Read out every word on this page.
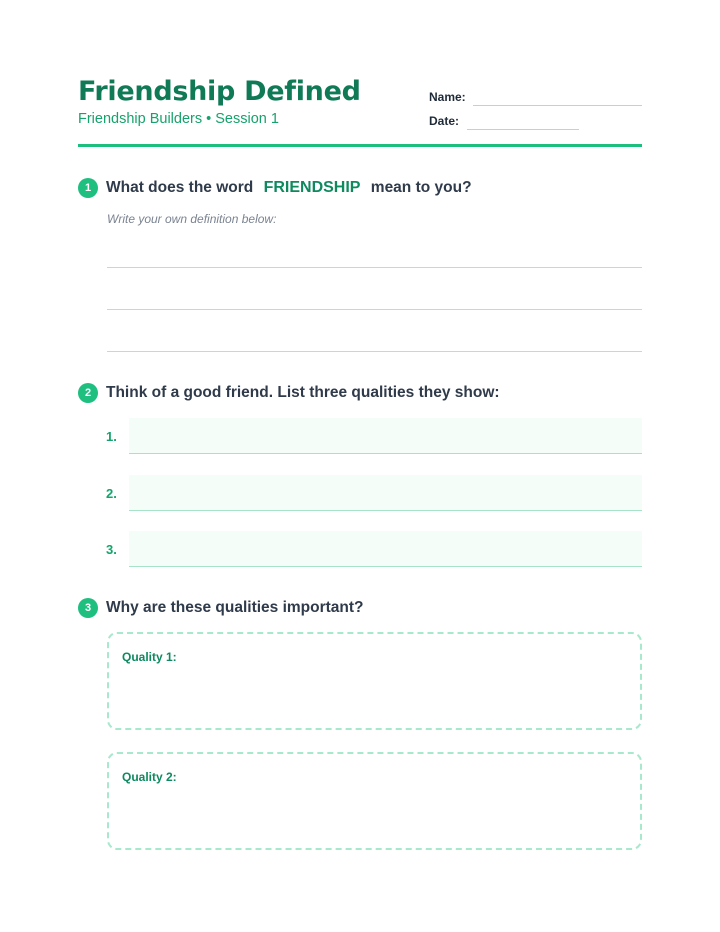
Friendship Defined
Friendship Builders • Session 1
Name:
Date:
1 What does the word FRIENDSHIP mean to you?
Write your own definition below:
2 Think of a good friend. List three qualities they show:
1.
2.
3.
3 Why are these qualities important?
Quality 1:
Quality 2:
